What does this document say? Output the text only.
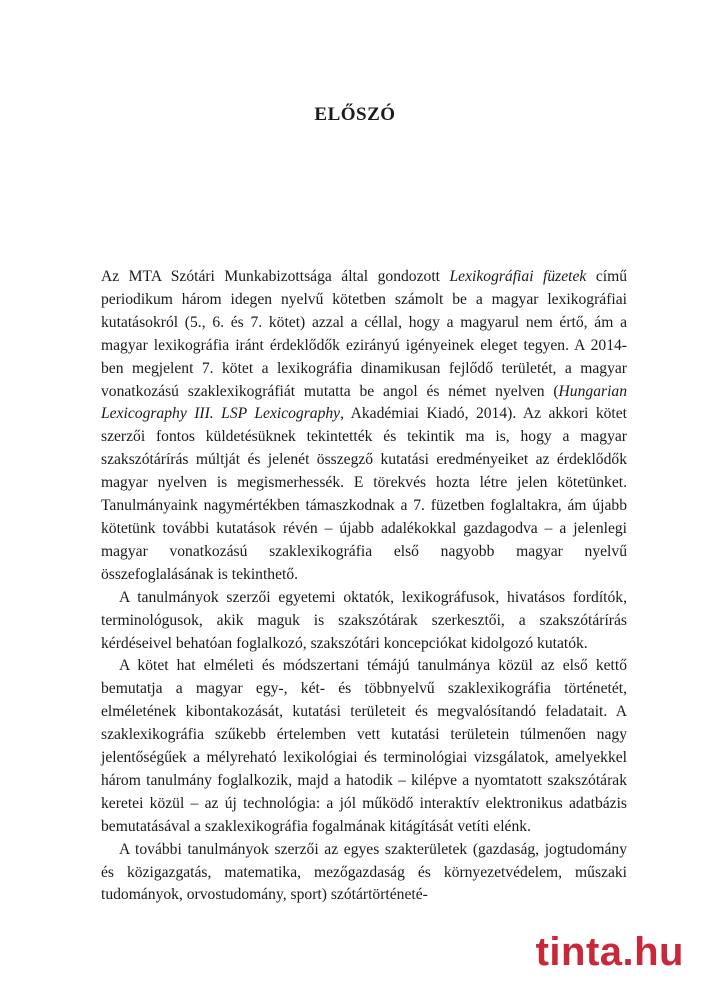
ELŐSZÓ

Az MTA Szótári Munkabizottsága által gondozott Lexikográfiai füzetek című periodikum három idegen nyelvű kötetben számolt be a magyar lexikográfiai kutatásokról (5., 6. és 7. kötet) azzal a céllal, hogy a magyarul nem értő, ám a magyar lexikográfia iránt érdeklődők ezirányú igényeinek eleget tegyen. A 2014-ben megjelent 7. kötet a lexikográfia dinamikusan fejlődő területét, a magyar vonatkozású szaklexikográfiát mutatta be angol és német nyelven (Hungarian Lexicography III. LSP Lexicography, Akadémiai Kiadó, 2014). Az akkori kötet szerzői fontos küldetésüknek tekintették és tekintik ma is, hogy a magyar szakszótárírás múltját és jelenét összegző kutatási eredményeiket az érdeklődők magyar nyelven is megismerhessék. E törekvés hozta létre jelen kötetünket. Tanulmányaink nagymértékben támaszkodnak a 7. füzetben foglaltakra, ám újabb kötetünk további kutatások révén – újabb adalékokkal gazdagodva – a jelenlegi magyar vonatkozású szaklexikográfia első nagyobb magyar nyelvű összefoglalásának is tekinthető.

A tanulmányok szerzői egyetemi oktatók, lexikográfusok, hivatásos fordítók, terminológusok, akik maguk is szakszótárak szerkesztői, a szakszótárírás kérdéseivel behatóan foglalkozó, szakszótári koncepciókat kidolgozó kutatók.

A kötet hat elméleti és módszertani témájú tanulmánya közül az első kettő bemutatja a magyar egy-, két- és többnyelvű szaklexikográfia történetét, elméletének kibontakozását, kutatási területeit és megvalósítandó feladatait. A szaklexikográfia szűkebb értelemben vett kutatási területein túlmenően nagy jelentőségűek a mélyreható lexikológiai és terminológiai vizsgálatok, amelyekkel három tanulmány foglalkozik, majd a hatodik – kilépve a nyomtatott szakszótárak keretei közül – az új technológia: a jól működő interaktív elektronikus adatbázis bemutatásával a szaklexikográfia fogalmának kitágítását vetíti elénk.

A további tanulmányok szerzői az egyes szakterületek (gazdaság, jogtudomány és közigazgatás, matematika, mezőgazdaság és környezetvédelem, műszaki tudományok, orvostudomány, sport) szótártörténeté-

tinta.hu
